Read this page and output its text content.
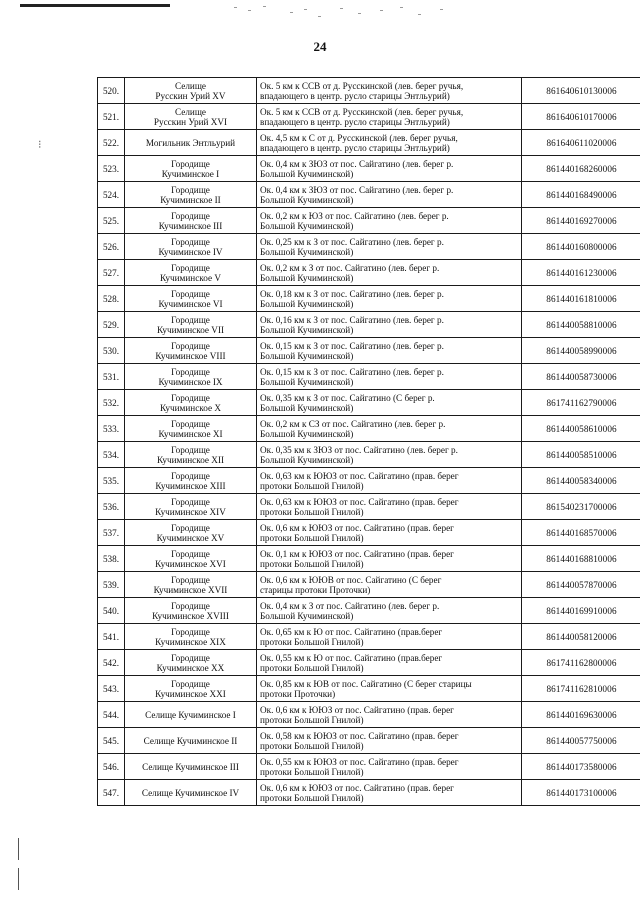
24
⁝
520.	Селище
Русскин Урий XV	Ок. 5 км к ССВ от д. Русскинской (лев. берег ручья,
впадающего в центр. русло старицы Энтльурий)	861640610130006
521.	Селище
Русскин Урий XVI	Ок. 5 км к ССВ от д. Русскинской (лев. берег ручья,
впадающего в центр. русло старицы Энтльурий)	861640610170006
522.	Могильник Энтльурий	Ок. 4,5 км к С от д. Русскинской (лев. берег ручья,
впадающего в центр. русло старицы Энтльурий)	861640611020006
523.	Городище
Кучиминское I	Ок. 0,4 км к ЗЮЗ от пос. Сайгатино (лев. берег р.
Большой Кучиминской)	861440168260006
524.	Городище
Кучиминское II	Ок. 0,4 км к ЗЮЗ от пос. Сайгатино (лев. берег р.
Большой Кучиминской)	861440168490006
525.	Городище
Кучиминское III	Ок. 0,2 км к ЮЗ от пос. Сайгатино (лев. берег р.
Большой Кучиминской)	861440169270006
526.	Городище
Кучиминское IV	Ок. 0,25 км к З от пос. Сайгатино (лев. берег р.
Большой Кучиминской)	861440160800006
527.	Городище
Кучиминское V	Ок. 0,2 км к З от пос. Сайгатино (лев. берег р.
Большой Кучиминской)	861440161230006
528.	Городище
Кучиминское VI	Ок. 0,18 км к З от пос. Сайгатино (лев. берег р.
Большой Кучиминской)	861440161810006
529.	Городище
Кучиминское VII	Ок. 0,16 км к З от пос. Сайгатино (лев. берег р.
Большой Кучиминской)	861440058810006
530.	Городище
Кучиминское VIII	Ок. 0,15 км к З от пос. Сайгатино (лев. берег р.
Большой Кучиминской)	861440058990006
531.	Городище
Кучиминское IX	Ок. 0,15 км к З от пос. Сайгатино (лев. берег р.
Большой Кучиминской)	861440058730006
532.	Городище
Кучиминское X	Ок. 0,35 км к З от пос. Сайгатино (С берег р.
Большой Кучиминской)	861741162790006
533.	Городище
Кучиминское XI	Ок. 0,2 км к СЗ от пос. Сайгатино (лев. берег р.
Большой Кучиминской)	861440058610006
534.	Городище
Кучиминское XII	Ок. 0,35 км к ЗЮЗ от пос. Сайгатино (лев. берег р.
Большой Кучиминской)	861440058510006
535.	Городище
Кучиминское XIII	Ок. 0,63 км к ЮЮЗ от пос. Сайгатино (прав. берег
протоки Большой Гнилой)	861440058340006
536.	Городище
Кучиминское XIV	Ок. 0,63 км к ЮЮЗ от пос. Сайгатино (прав. берег
протоки Большой Гнилой)	861540231700006
537.	Городище
Кучиминское XV	Ок. 0,6 км к ЮЮЗ от пос. Сайгатино (прав. берег
протоки Большой Гнилой)	861440168570006
538.	Городище
Кучиминское XVI	Ок. 0,1 км к ЮЮЗ от пос. Сайгатино (прав. берег
протоки Большой Гнилой)	861440168810006
539.	Городище
Кучиминское XVII	Ок. 0,6 км к ЮЮВ от пос. Сайгатино (С берег
старицы протоки Проточки)	861440057870006
540.	Городище
Кучиминское XVIII	Ок. 0,4 км к З от пос. Сайгатино (лев. берег р.
Большой Кучиминской)	861440169910006
541.	Городище
Кучиминское XIX	Ок. 0,65 км к Ю от пос. Сайгатино (прав.берег
протоки Большой Гнилой)	861440058120006
542.	Городище
Кучиминское XX	Ок. 0,55 км к Ю от пос. Сайгатино (прав.берег
протоки Большой Гнилой)	861741162800006
543.	Городище
Кучиминское XXI	Ок. 0,85 км к ЮВ от пос. Сайгатино (С берег старицы
протоки Проточки)	861741162810006
544.	Селище Кучиминское I	Ок. 0,6 км к ЮЮЗ от пос. Сайгатино (прав. берег
протоки Большой Гнилой)	861440169630006
545.	Селище Кучиминское II	Ок. 0,58 км к ЮЮЗ от пос. Сайгатино (прав. берег
протоки Большой Гнилой)	861440057750006
546.	Селище Кучиминское III	Ок. 0,55 км к ЮЮЗ от пос. Сайгатино (прав. берег
протоки Большой Гнилой)	861440173580006
547.	Селище Кучиминское IV	Ок. 0,6 км к ЮЮЗ от пос. Сайгатино (прав. берег
протоки Большой Гнилой)	861440173100006
